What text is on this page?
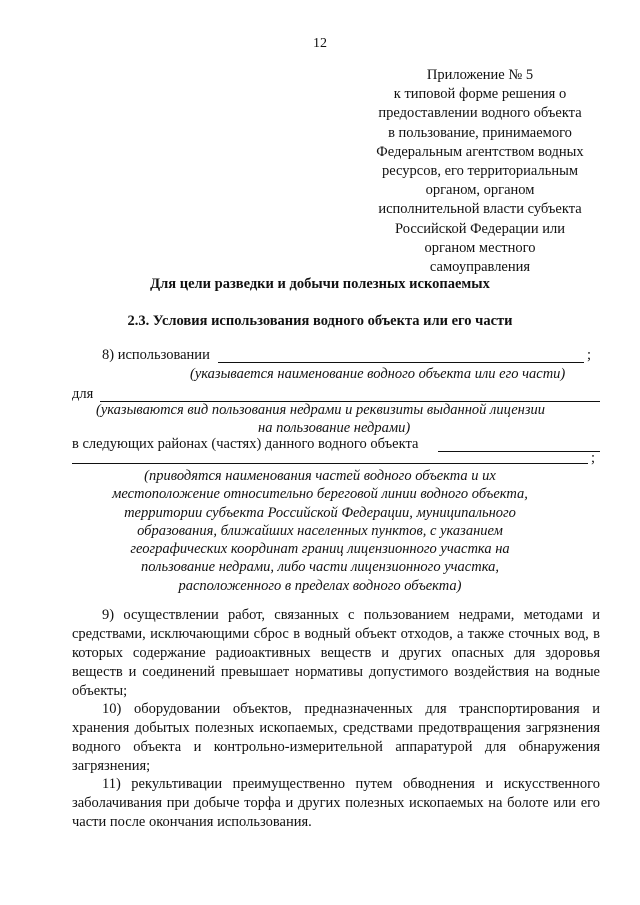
12
Приложение № 5
к типовой форме решения о
предоставлении водного объекта
в пользование, принимаемого
Федеральным агентством водных
ресурсов, его территориальным
органом, органом
исполнительной власти субъекта
Российской Федерации или
органом местного
самоуправления
Для цели разведки и добычи полезных ископаемых
2.3. Условия использования водного объекта или его части
8) использовании	;
(указывается наименование водного объекта или его части)
для
(указываются вид пользования недрами и реквизиты выданной лицензии
на пользование недрами)
в следующих районах (частях) данного водного объекта
;
(приводятся наименования частей водного объекта и их
местоположение относительно береговой линии водного объекта,
территории субъекта Российской Федерации, муниципального
образования, ближайших населенных пунктов, с указанием
географических координат границ лицензионного участка на
пользование недрами, либо части лицензионного участка,
расположенного в пределах водного объекта)
9) осуществлении работ, связанных с пользованием недрами, методами и средствами, исключающими сброс в водный объект отходов, а также сточных вод, в которых содержание радиоактивных веществ и других опасных для здоровья веществ и соединений превышает нормативы допустимого воздействия на водные объекты;
10) оборудовании объектов, предназначенных для транспортирования и хранения добытых полезных ископаемых, средствами предотвращения загрязнения водного объекта и контрольно-измерительной аппаратурой для обнаружения загрязнения;
11) рекультивации преимущественно путем обводнения и искусственного заболачивания при добыче торфа и других полезных ископаемых на болоте или его части после окончания использования.
